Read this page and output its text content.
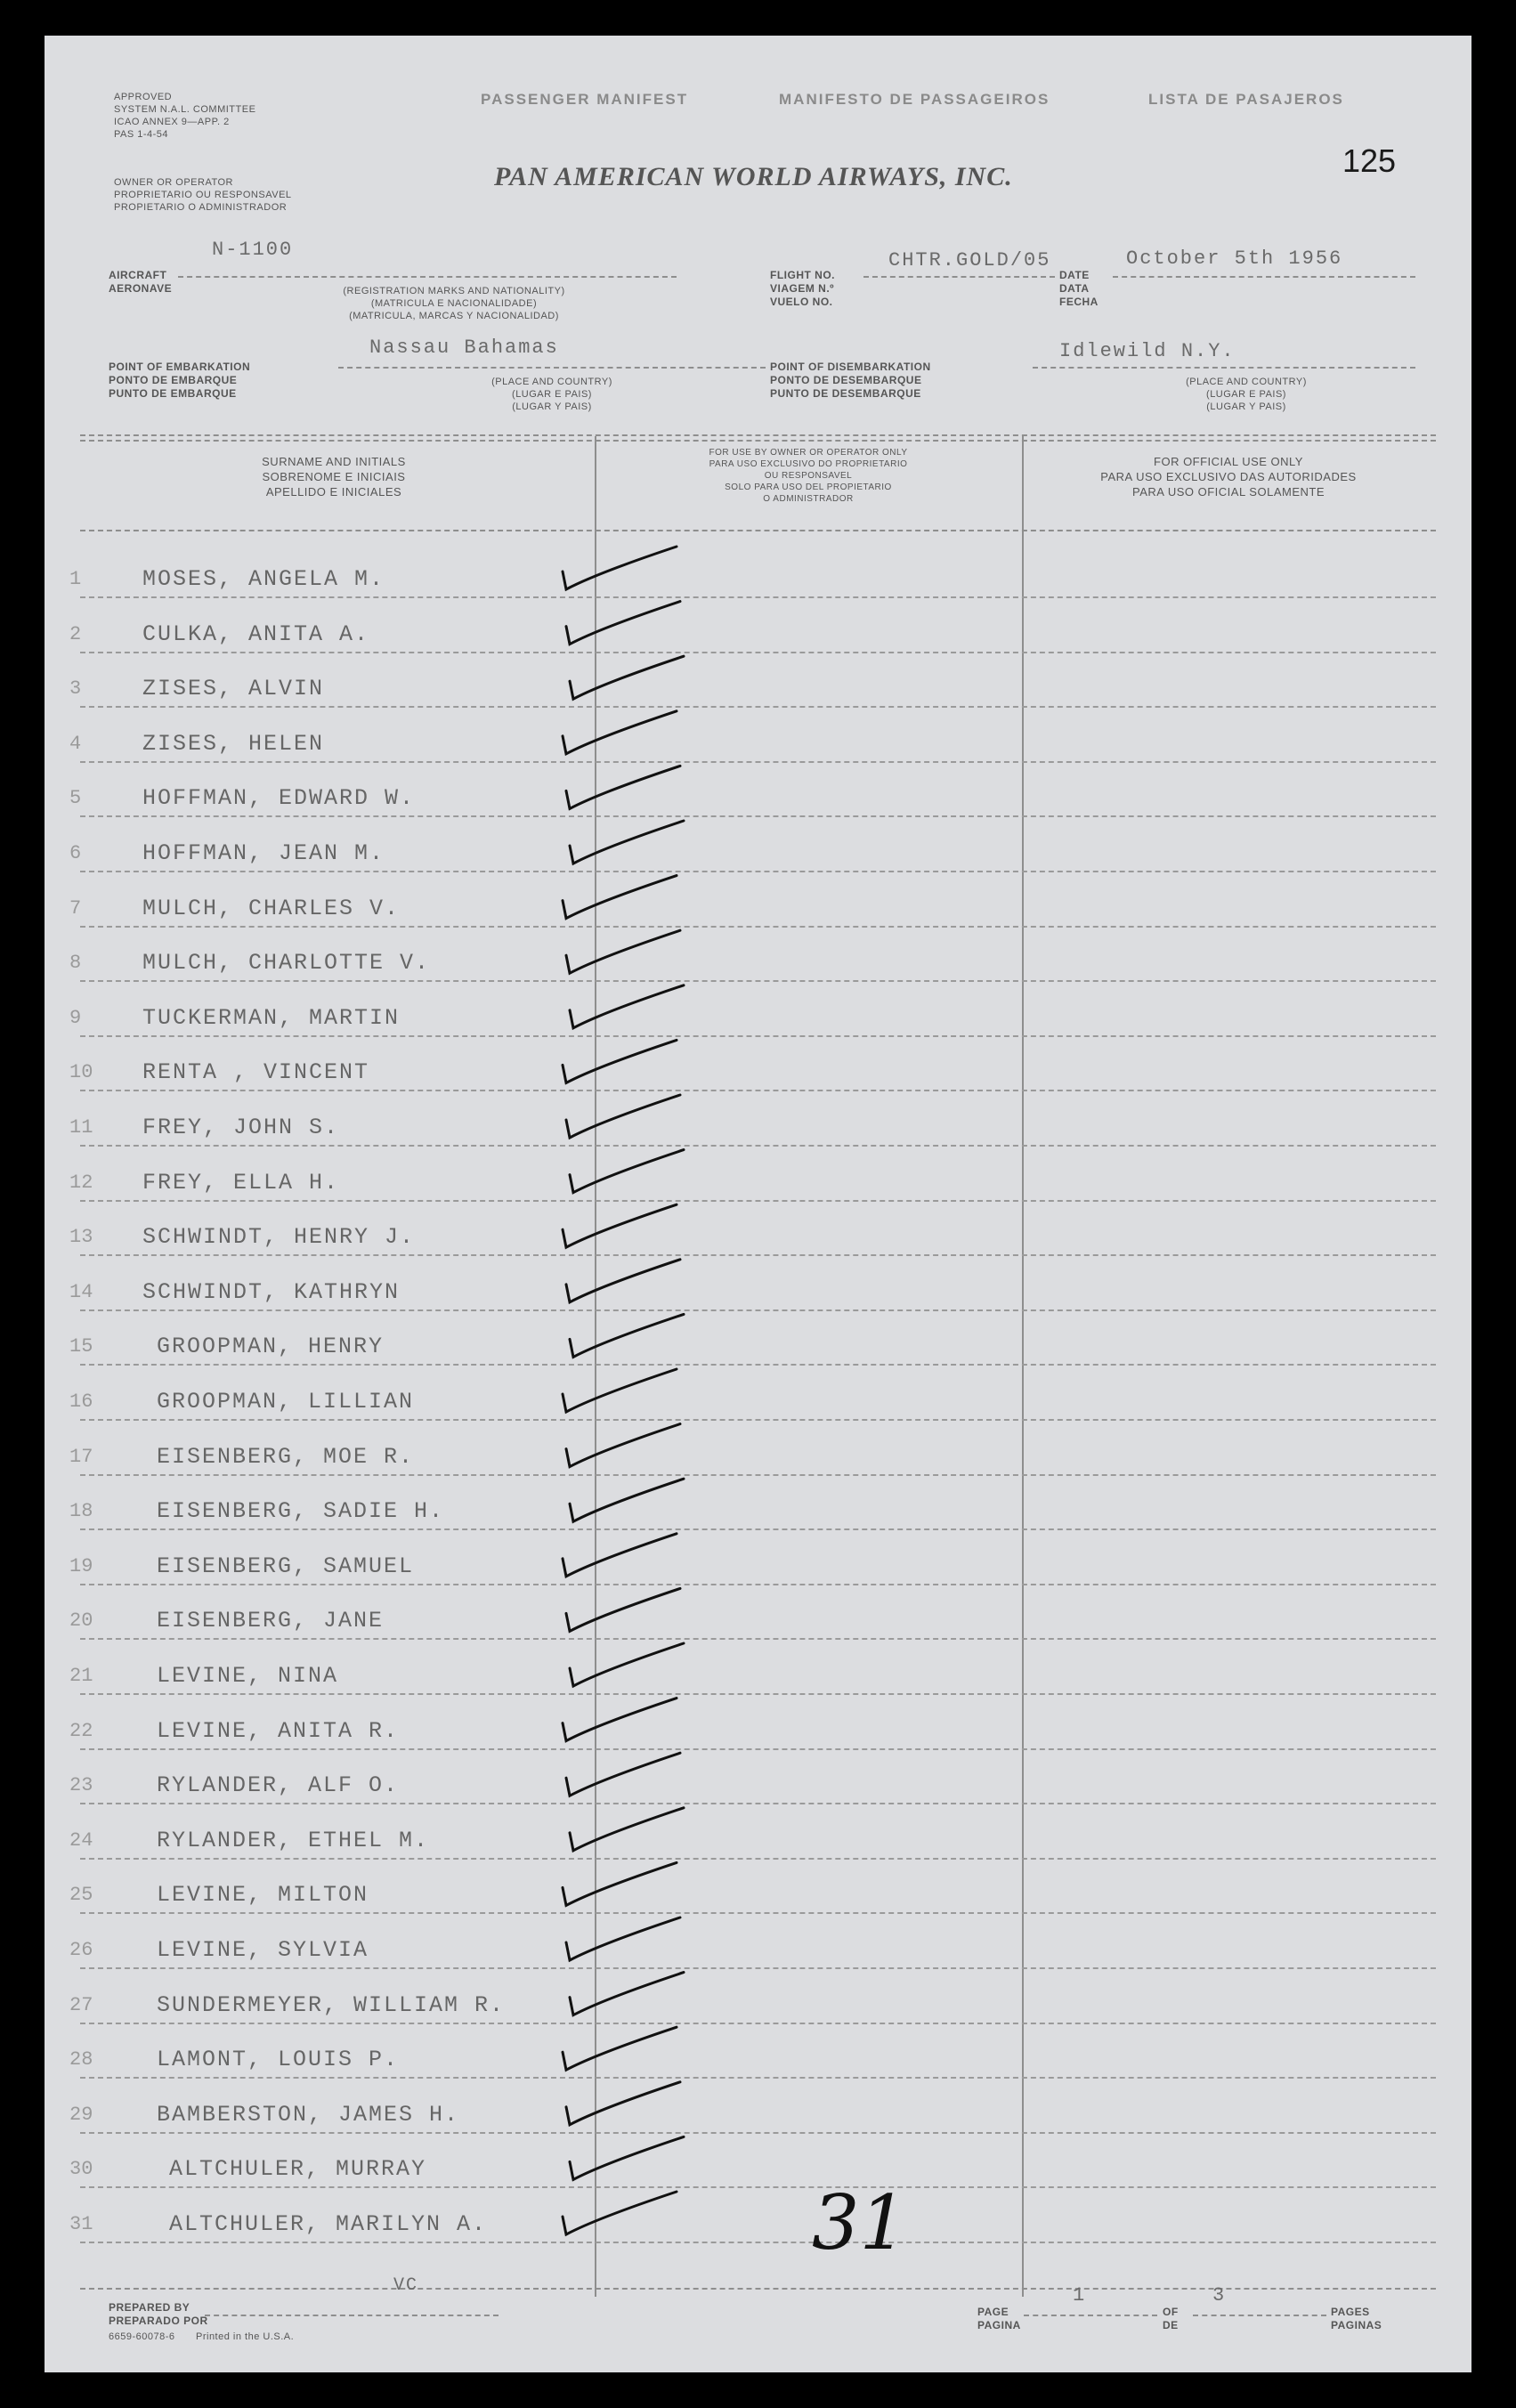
APPROVED
SYSTEM N.A.L. COMMITTEE
ICAO ANNEX 9—APP. 2
PAS 1-4-54
PASSENGER MANIFEST	MANIFESTO DE PASSAGEIROS	LISTA DE PASAJEROS
OWNER OR OPERATOR
PROPRIETARIO OU RESPONSAVEL
PROPIETARIO O ADMINISTRADOR
PAN AMERICAN WORLD AIRWAYS, INC.	125
N-1100
AIRCRAFT
AERONAVE	(REGISTRATION MARKS AND NATIONALITY)
(MATRICULA E NACIONALIDADE)
(MATRICULA, MARCAS Y NACIONALIDAD)
CHTR.GOLD/05
FLIGHT NO.
VIAGEM N.º
VUELO NO.
October 5th 1956
DATE
DATA
FECHA
Nassau Bahamas
POINT OF EMBARKATION
PONTO DE EMBARQUE
PUNTO DE EMBARQUE
(PLACE AND COUNTRY)
(LUGAR E PAIS)
(LUGAR Y PAIS)
Idlewild N.Y.
POINT OF DISEMBARKATION
PONTO DE DESEMBARQUE
PUNTO DE DESEMBARQUE
(PLACE AND COUNTRY)
(LUGAR E PAIS)
(LUGAR Y PAIS)
SURNAME AND INITIALS
SOBRENOME E INICIAIS
APELLIDO E INICIALES
FOR USE BY OWNER OR OPERATOR ONLY
PARA USO EXCLUSIVO DO PROPRIETARIO
OU RESPONSAVEL
SOLO PARA USO DEL PROPIETARIO
O ADMINISTRADOR
FOR OFFICIAL USE ONLY
PARA USO EXCLUSIVO DAS AUTORIDADES
PARA USO OFICIAL SOLAMENTE
1	MOSES, ANGELA M.
2	CULKA, ANITA A.
3	ZISES, ALVIN
4	ZISES, HELEN
5	HOFFMAN, EDWARD W.
6	HOFFMAN, JEAN M.
7	MULCH, CHARLES V.
8	MULCH, CHARLOTTE V.
9	TUCKERMAN, MARTIN
10 RENTA , VINCENT
11 FREY, JOHN S.
12 FREY, ELLA H.
13 SCHWINDT, HENRY J.
14 SCHWINDT, KATHRYN
15	GROOPMAN, HENRY
16	GROOPMAN, LILLIAN
17	EISENBERG, MOE R.
18	EISENBERG, SADIE H.
19	EISENBERG, SAMUEL
20	EISENBERG, JANE
21	LEVINE, NINA
22	LEVINE, ANITA R.
23	RYLANDER, ALF O.
24	RYLANDER, ETHEL M.
25	LEVINE, MILTON
26	LEVINE, SYLVIA
27	SUNDERMEYER, WILLIAM R.
28	LAMONT, LOUIS P.
29	BAMBERSTON, JAMES H.
30	ALTCHULER, MURRAY
31	ALTCHULER, MARILYN A.	31
VC
PREPARED BY
PREPARADO POR
6659-60078-6 Printed in the U.S.A.
PAGE
PAGINA
1
OF
DE
3
PAGES
PAGINAS
